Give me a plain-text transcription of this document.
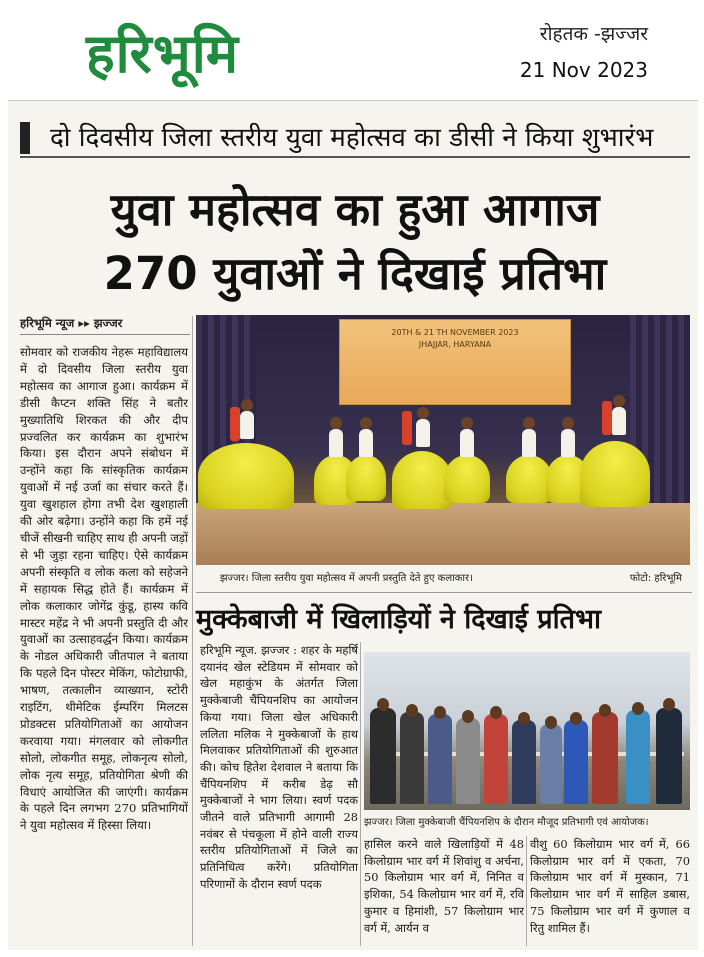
हरिभूमि	रोहतक -झज्जर
21 Nov 2023
दो दिवसीय जिला स्तरीय युवा महोत्सव का डीसी ने किया शुभारंभ
युवा महोत्सव का हुआ आगाज
270 युवाओं ने दिखाई प्रतिभा
हरिभूमि न्यूज ▸▸ झज्जर
सोमवार को राजकीय नेहरू महाविद्यालय में दो दिवसीय जिला स्तरीय युवा महोत्सव का आगाज हुआ। कार्यक्रम में डीसी कैप्टन शक्ति सिंह ने बतौर मुख्यातिथि शिरकत की और दीप प्रज्वलित कर कार्यक्रम का शुभारंभ किया। इस दौरान अपने संबोधन में उन्होंने कहा कि सांस्कृतिक कार्यक्रम युवाओं में नई उर्जा का संचार करते हैं। युवा खुशहाल होगा तभी देश खुशहाली की ओर बढ़ेगा। उन्होंने कहा कि हमें नई चीजें सीखनी चाहिए साथ ही अपनी जड़ों से भी जुड़ा रहना चाहिए। ऐसे कार्यक्रम अपनी संस्कृति व लोक कला को सहेजने में सहायक सिद्ध होते हैं। कार्यक्रम में लोक कलाकार जोगेंद्र कुंडू, हास्य कवि मास्टर महेंद्र ने भी अपनी प्रस्तुति दी और युवाओं का उत्साहवर्द्धन किया। कार्यक्रम के नोडल अधिकारी जीतपाल ने बताया कि पहले दिन पोस्टर मेकिंग, फोटोग्राफी, भाषण, तत्कालीन व्याख्यान, स्टोरी राइटिंग, थीमेटिक ईम्परिंग मिलटस प्रोडक्टस प्रतियोगिताओं का आयोजन करवाया गया। मंगलवार को लोकगीत सोलो, लोकगीत समूह, लोकनृत्य सोलो, लोक नृत्य समूह, प्रतियोगिता श्रेणी की विधाएं आयोजित की जाएंगी। कार्यक्रम के पहले दिन लगभग 270 प्रतिभागियों ने युवा महोत्सव में हिस्सा लिया।
20TH & 21 TH NOVEMBER 2023
JHAJJAR, HARYANA
झज्जर। जिला स्तरीय युवा महोत्सव में अपनी प्रस्तुति देते हुए कलाकार।	फोटो: हरिभूमि
मुक्केबाजी में खिलाड़ियों ने दिखाई प्रतिभा
हरिभूमि न्यूज. झज्जर : शहर के महर्षि दयानंद खेल स्टेडियम में सोमवार को खेल महाकुंभ के अंतर्गत जिला मुक्केबाजी चैंपियनशिप का आयोजन किया गया। जिला खेल अधिकारी ललिता मलिक ने मुक्केबाजों के हाथ मिलवाकर प्रतियोगिताओं की शुरुआत की। कोच हितेश देशवाल ने बताया कि चैंपियनशिप में करीब डेढ़ सौ मुक्केबाजों ने भाग लिया। स्वर्ण पदक जीतने वाले प्रतिभागी आगामी 28 नवंबर से पंचकूला में होने वाली राज्य स्तरीय प्रतियोगिताओं में जिले का प्रतिनिधित्व करेंगे। प्रतियोगिता परिणामों के दौरान स्वर्ण पदक
झज्जर। जिला मुक्केबाजी चैंपियनशिप के दौरान मौजूद प्रतिभागी एवं आयोजक।
हासिल करने वाले खिलाड़ियों में 48 किलोग्राम भार वर्ग में शिवांशु व अर्चना, 50 किलोग्राम भार वर्ग में, निनित व इशिका, 54 किलोग्राम भार वर्ग में, रवि कुमार व हिमांशी, 57 किलोग्राम भार वर्ग में, आर्यन व
वीशु 60 किलोग्राम भार वर्ग में, 66 किलोग्राम भार वर्ग में एकता, 70 किलोग्राम भार वर्ग में मुस्कान, 71 किलोग्राम भार वर्ग में साहिल डबास, 75 किलोग्राम भार वर्ग में कुणाल व रितु शामिल हैं।
